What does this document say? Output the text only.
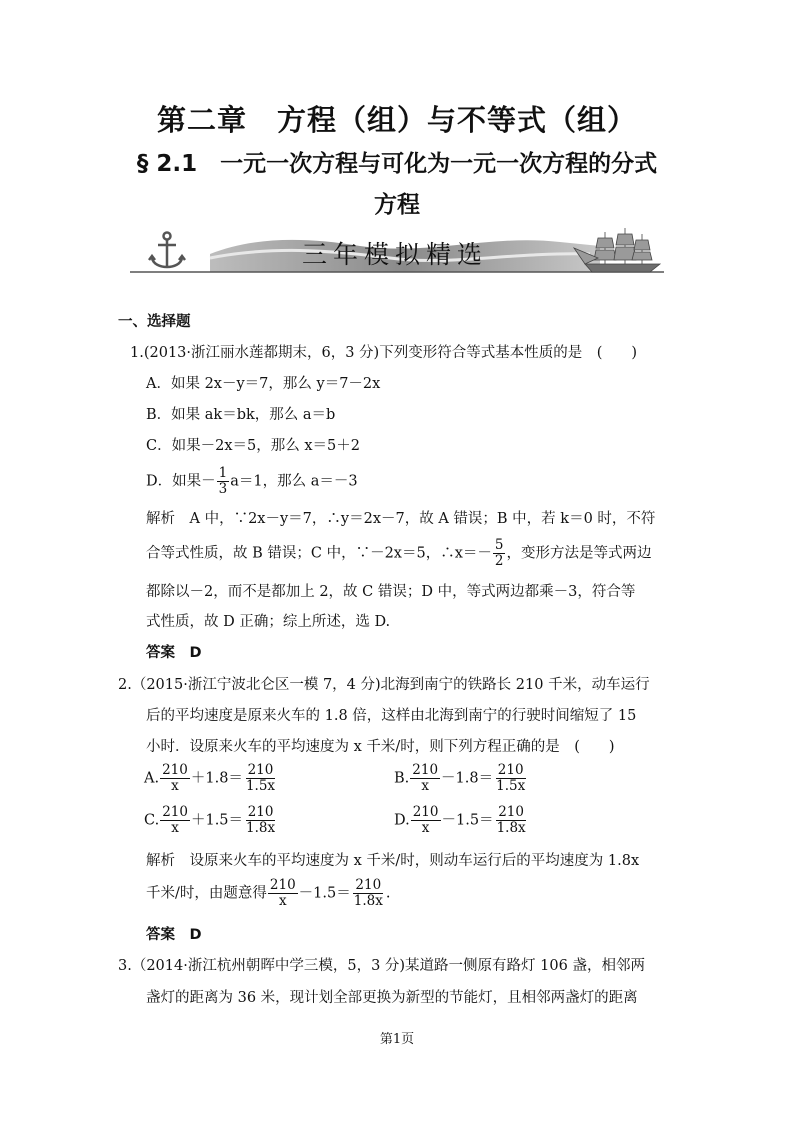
第二章　方程（组）与不等式（组）
§ 2.1　一元一次方程与可化为一元一次方程的分式
方程
三年模拟精选
一、选择题
1.(2013·浙江丽水莲都期末，6，3 分)下列变形符合等式基本性质的是　(　　)
A．如果 2x－y＝7，那么 y＝7－2x
B．如果 ak＝bk，那么 a＝b
C．如果－2x＝5，那么 x＝5＋2
D．如果－ $\frac{1}{3} a=1$，那么 a＝－3
解析　A 中，∵2x－y＝7，∴y＝2x－7，故 A 错误；B 中，若 k＝0 时，不符
合等式性质，故 B 错误；C 中，∵－2x＝5，∴x＝－ $\frac{5}{2}$ ，变形方法是等式两边
都除以－2，而不是都加上 2，故 C 错误；D 中，等式两边都乘－3，符合等
式性质，故 D 正确；综上所述，选 D.
答案　D
2.（2015·浙江宁波北仑区一模 7，4 分)北海到南宁的铁路长 210 千米，动车运行
后的平均速度是原来火车的 1.8 倍，这样由北海到南宁的行驶时间缩短了 15
小时．设原来火车的平均速度为 x 千米/时，则下列方程正确的是　(　　)
A. $\frac{210}{x} +1.8= \frac{210}{1.5x}$	B. $\frac{210}{x} -1.8= \frac{210}{1.5x}$
C. $\frac{210}{x} +1.5= \frac{210}{1.8x}$	D. $\frac{210}{x} -1.5= \frac{210}{1.8x}$
解析　设原来火车的平均速度为 x 千米/时，则动车运行后的平均速度为 1.8x
千米/时，由题意得 $\frac{210}{x} -1.5= \frac{210}{1.8x}$ .
答案　D
3.（2014·浙江杭州朝晖中学三模，5，3 分)某道路一侧原有路灯 106 盏，相邻两
盏灯的距离为 36 米，现计划全部更换为新型的节能灯，且相邻两盏灯的距离
第1页
